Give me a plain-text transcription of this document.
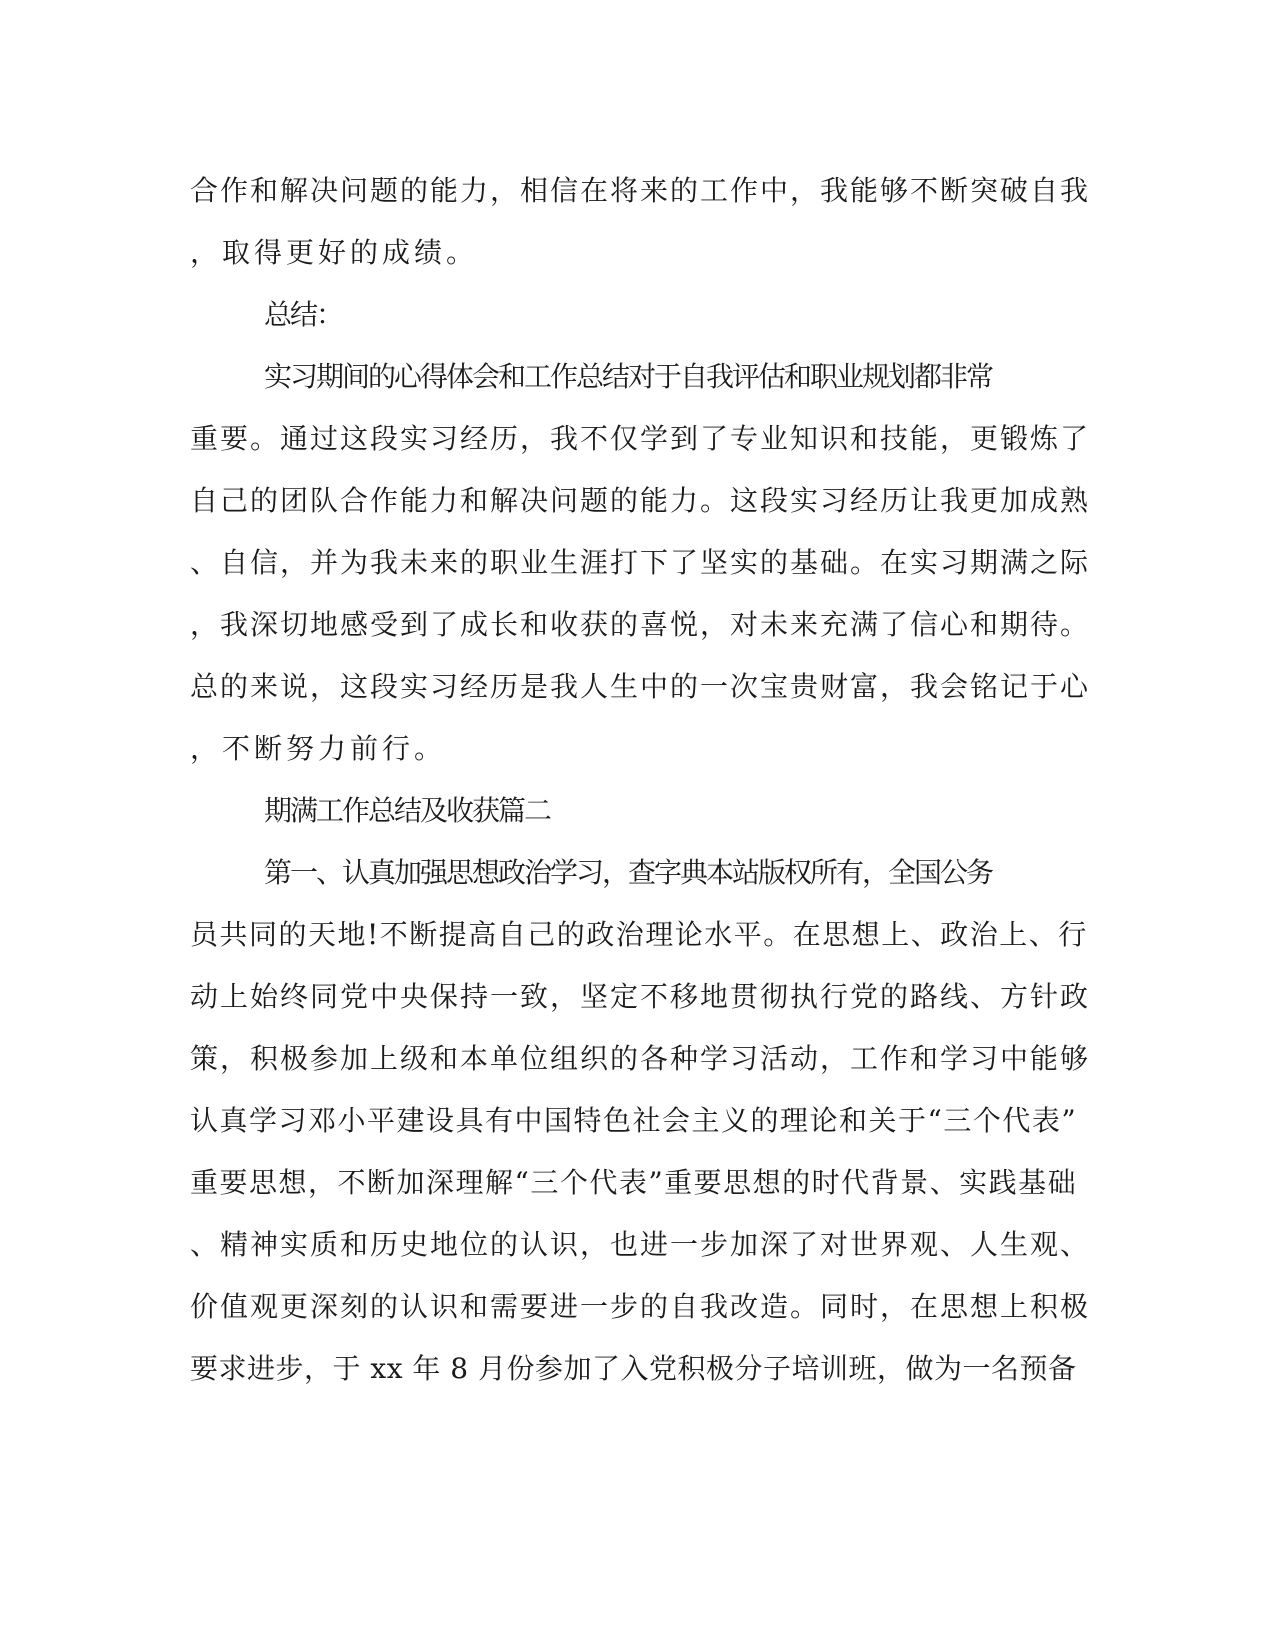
合作和解决问题的能力，相信在将来的工作中，我能够不断突破自我
，取得更好的成绩。
总结：
实习期间的心得体会和工作总结对于自我评估和职业规划都非常
重要。通过这段实习经历，我不仅学到了专业知识和技能，更锻炼了
自己的团队合作能力和解决问题的能力。这段实习经历让我更加成熟
、自信，并为我未来的职业生涯打下了坚实的基础。在实习期满之际
，我深切地感受到了成长和收获的喜悦，对未来充满了信心和期待。
总的来说，这段实习经历是我人生中的一次宝贵财富，我会铭记于心
，不断努力前行。
期满工作总结及收获篇二
第一、认真加强思想政治学习，查字典本站版权所有，全国公务
员共同的天地!不断提高自己的政治理论水平。在思想上、政治上、行
动上始终同党中央保持一致，坚定不移地贯彻执行党的路线、方针政
策，积极参加上级和本单位组织的各种学习活动，工作和学习中能够
认真学习邓小平建设具有中国特色社会主义的理论和关于“三个代表”
重要思想，不断加深理解“三个代表”重要思想的时代背景、实践基础
、精神实质和历史地位的认识，也进一步加深了对世界观、人生观、
价值观更深刻的认识和需要进一步的自我改造。同时，在思想上积极
要求进步，于 xx 年 8 月份参加了入党积极分子培训班，做为一名预备
